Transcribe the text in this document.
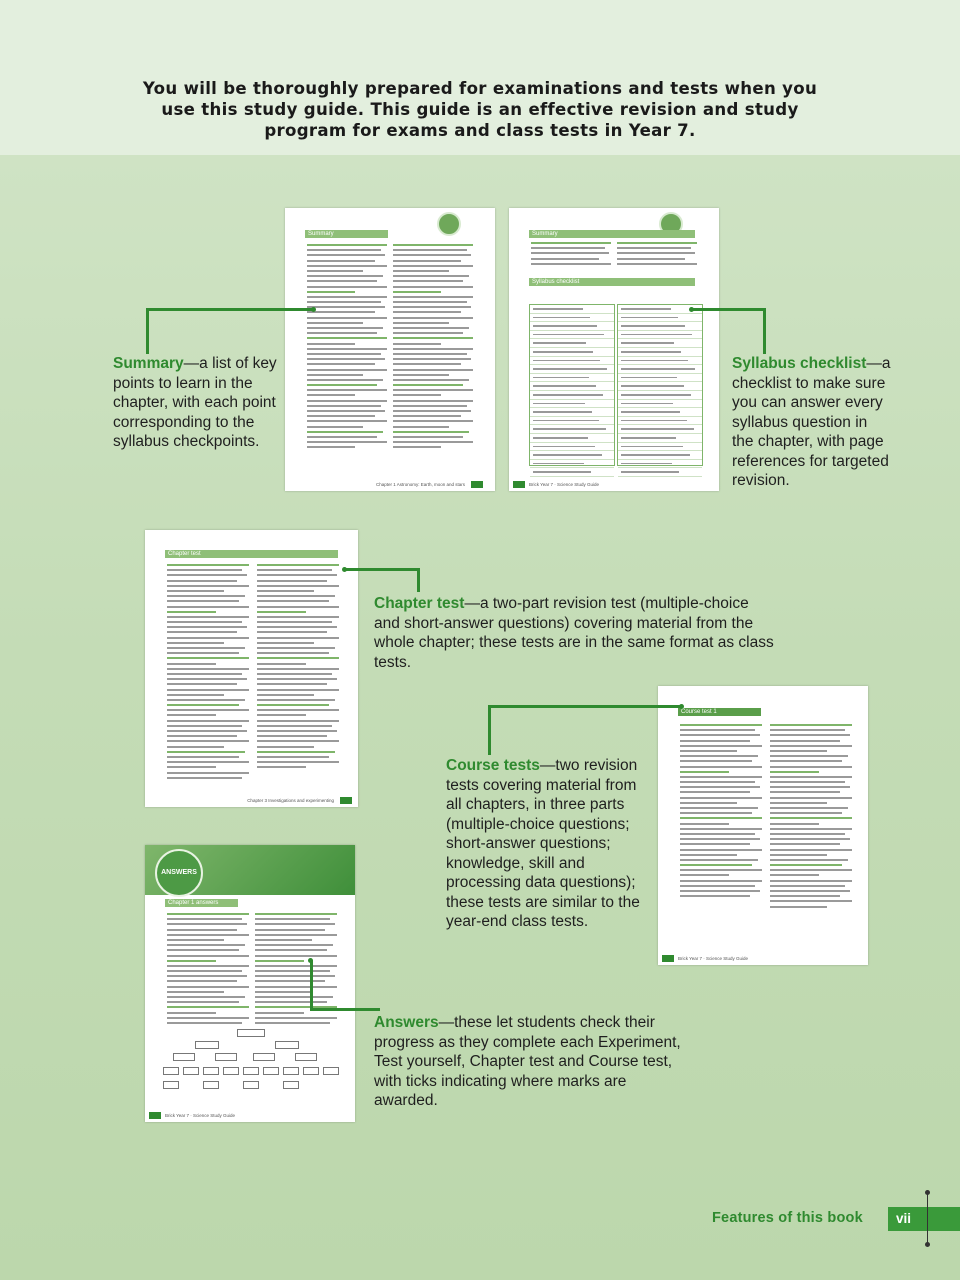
You will be thoroughly prepared for examinations and tests when you use this study guide. This guide is an effective revision and study program for exams and class tests in Year 7.

Summary
Chapter 1 Astronomy: Earth, moon and stars
Summary
Syllabus checklist
Brick Year 7 · Science Study Guide
Chapter test
Chapter 3 Investigations and experimenting
Course test 1
Brick Year 7 · Science Study Guide
ANSWERS
Chapter 1 answers
Brick Year 7 · Science Study Guide

Summary—a list of key points to learn in the chapter, with each point corresponding to the syllabus checkpoints.

Syllabus checklist—a checklist to make sure you can answer every syllabus question in the chapter, with page references for targeted revision.

Chapter test—a two-part revision test (multiple-choice and short-answer questions) covering material from the whole chapter; these tests are in the same format as class tests.

Course tests—two revision tests covering material from all chapters, in three parts (multiple-choice questions; short-answer questions; knowledge, skill and processing data questions); these tests are similar to the year-end class tests.

Answers—these let students check their progress as they complete each Experiment, Test yourself, Chapter test and Course test, with ticks indicating where marks are awarded.

Features of this book	vii
